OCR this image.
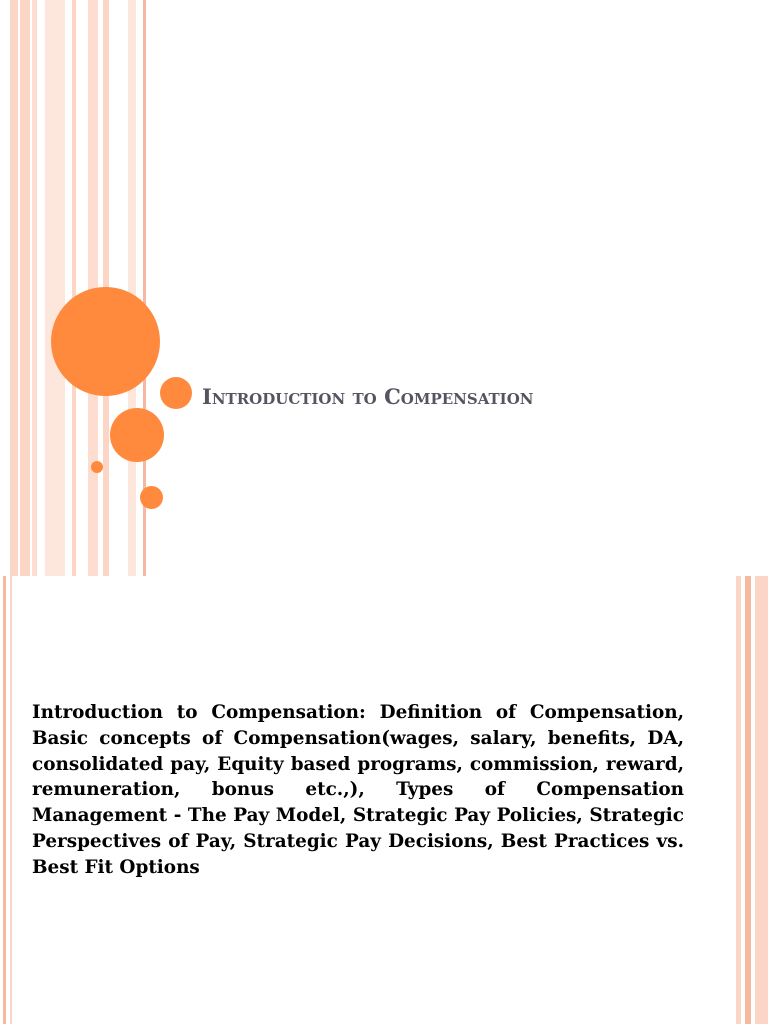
Introduction to Compensation

Introduction to Compensation: Definition of Compensation, Basic concepts of Compensation(wages, salary, benefits, DA, consolidated pay, Equity based programs, commission, reward, remuneration, bonus etc.,), Types of Compensation Management - The Pay Model, Strategic Pay Policies, Strategic Perspectives of Pay, Strategic Pay Decisions, Best Practices vs. Best Fit Options
